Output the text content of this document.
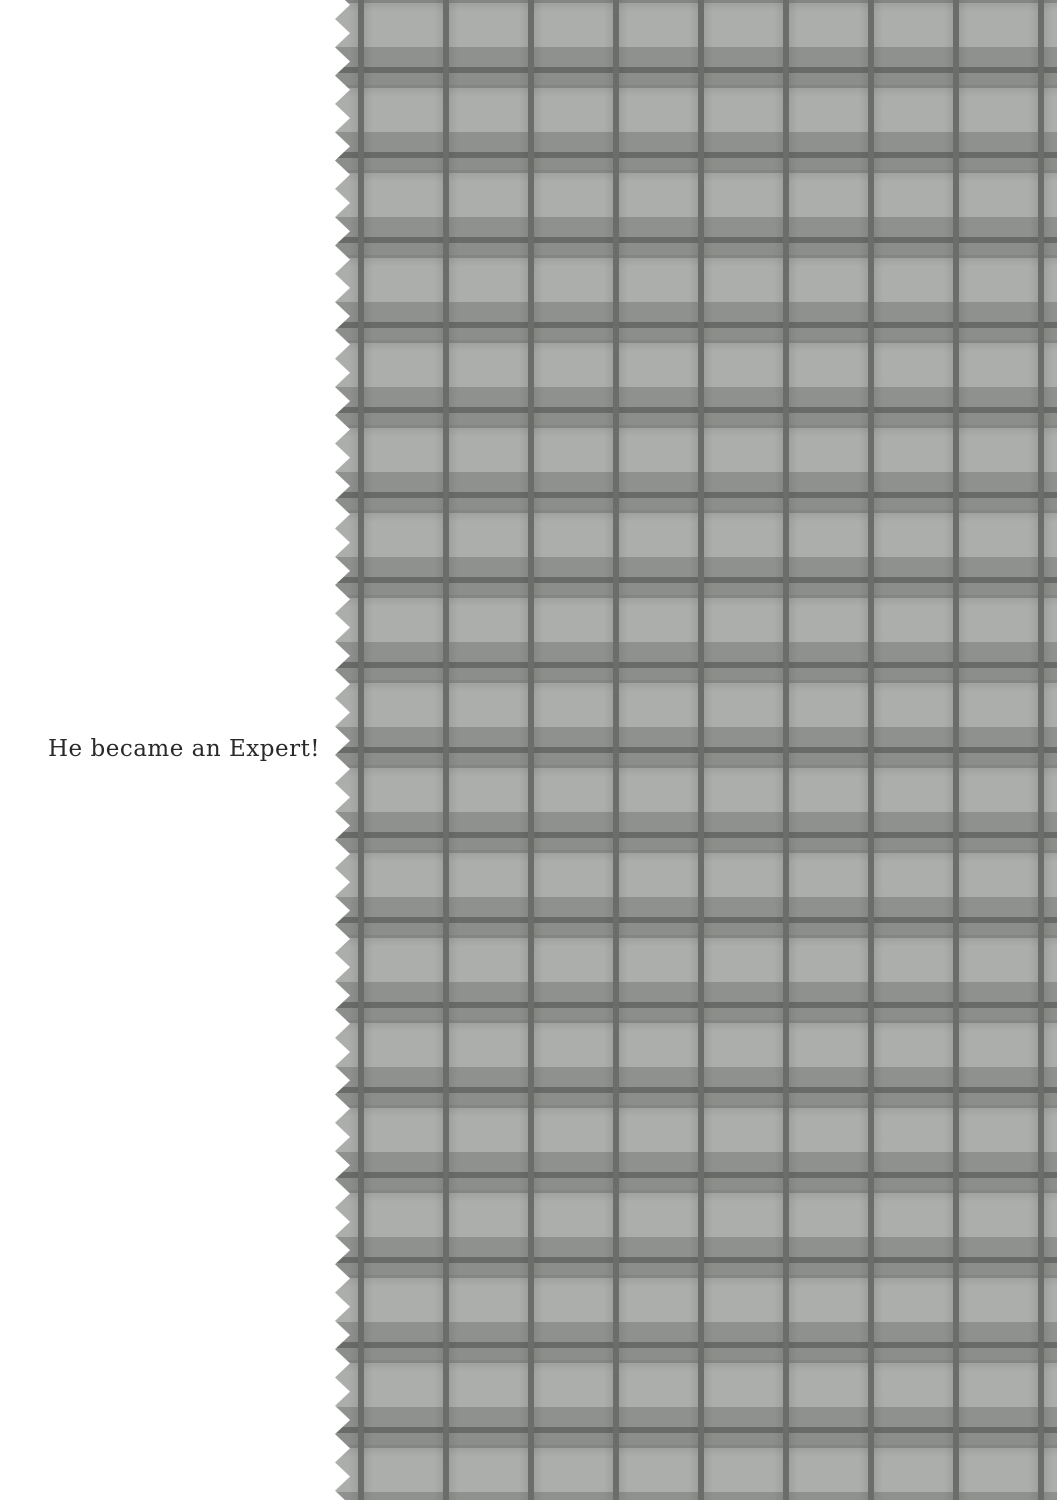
He became an Expert!
